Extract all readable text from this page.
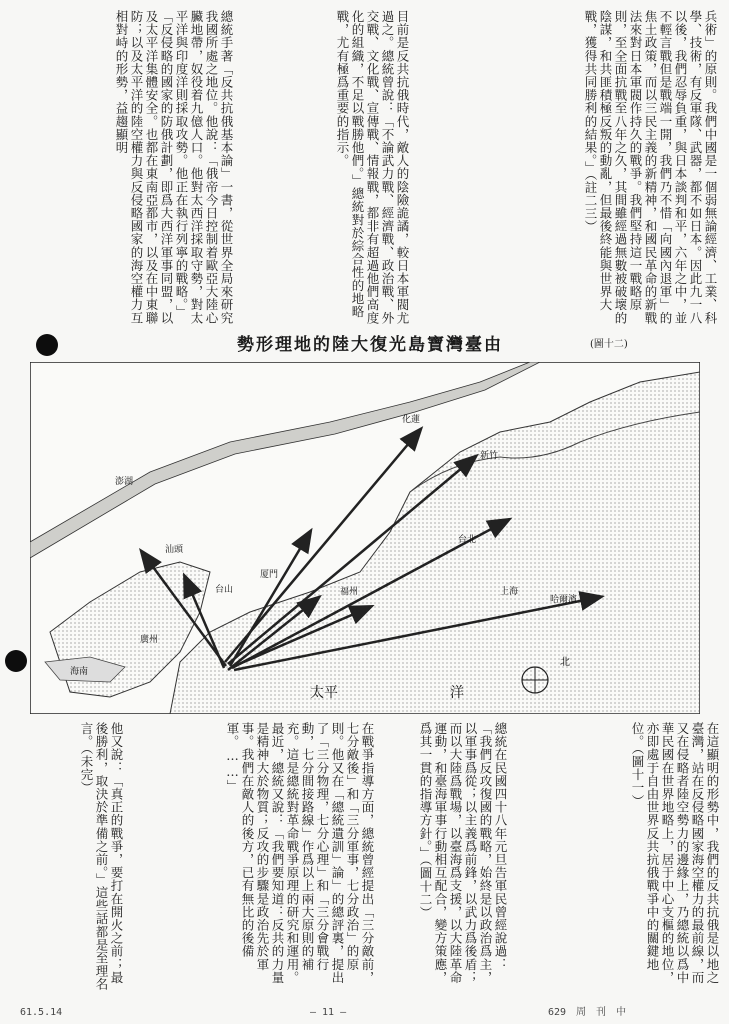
兵術」的原則。我們中國是一個弱無論經濟、工業、科學、技術，有反軍隊、武器，都不如日本。因此九一八以後，我們忍辱負重，與日本談判和平，六年之中，並不輕言戰但是戰端一開，我們乃不惜「向國內退軍」的焦土政策，而以三民主義的新精神，和國民革命的新戰法來對日本軍閥作持久的戰爭。我們堅持這一戰略原則，至全面抗戰至八年之久，其間雖經過無數被破壞的陰謀，和共匪積極反叛的動亂，但最後終能與世界大戰，獲得共同勝利的結果。」（註二三）

目前是反共抗俄時代，敵人的陰險詭譎，較日本軍閥尤過之。總統曾說：「不論武力戰、經濟戰、政治戰、外交戰、文化戰、宣傳戰、情報戰，都非有超過他們高度化的組織，不足以戰勝他們。」總統對於綜合性的地略戰，尤有極爲重要的指示。

總統手著「反共抗俄基本論」一書，從世界全局來研究我國所處之地位。他說：「俄帝今日控制着歐亞大陸心臟地帶，奴役着九億人口。他對太西洋採取守勢，對太平洋與印度洋則採取攻勢。他正在執行列寧的戰略。」「反侵略的國家的防俄計劃，即爲大西洋軍事同盟，以及太平洋集體安全。也都在東南亞都市，以及在中東聯防；以及太平洋的陸空權力與反侵略國家的海空權力互相對峙的形勢，益趨顯明

勢形理地的陸大復光島寶灣臺由	(圖十二)
化蓮
新竹
台北
上海
哈爾濱
福州
厦門
汕頭
廣州
澎湖
台山
海南
太平	洋
北

在這顯明的形勢中，我們的反共抗俄是以地之臺灣，站在反侵略國家海空權力的最前線，而又在侵略者陸空勢力的邊緣上，乃總統以爲中華民國在世界地略上，居于中心支樞的地位，亦即處于自由世界反共抗俄戰爭中的關鍵地位。（圖十一）

總統在民國四十八年元旦告軍民曾經說過：「我們反攻復國的戰略，始終是以政治爲主，以軍事爲從；以主義爲前鋒，以武力爲後盾；而以大陸爲戰場，以臺海爲支援，以大陸革命運動，和臺海軍事行動相互配合，變方策應，爲其一貫的指導方針。」（圖十二）

在戰爭指導方面，總統曾經提出「三分敵前，七分敵後」和「三分軍事，七分政治」的原則。他又在「總統遺訓」論」的總評裏，提出了「三分物理，七分心理」和「三分會戰行動，七分間接路線」作爲以上兩大原則的補充。這是總統對革命戰爭原理的研究和運用。最近，總統又說：「我們要知道：反共的力量是精神大於物質；反攻的步驟是政治先於軍事。我們在敵人的後方，已有無比的後備軍。……」

他又說：「真正的戰爭，要打在開火之前；最後勝利，取決於準備之前。」這些話都是至理名言。（未完）

61.5.14	— 11 —	629　周　刊　中
